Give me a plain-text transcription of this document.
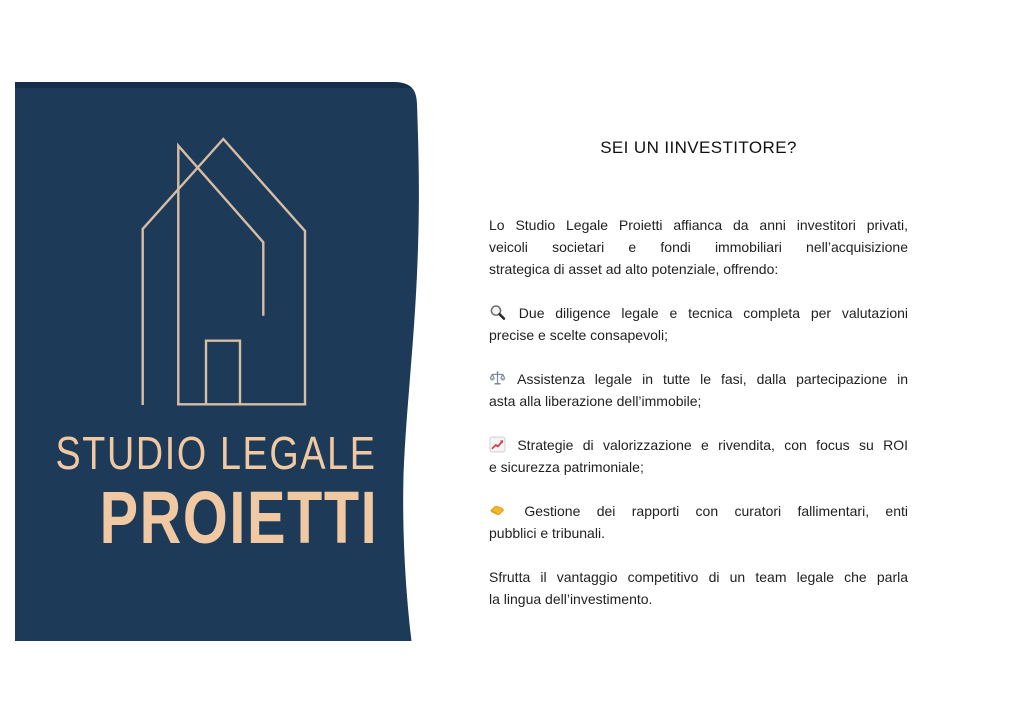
STUDIO LEGALE
PROIETTI
SEI UN IINVESTITORE?

Lo Studio Legale Proietti affianca da anni investitori privati,
veicoli societari e fondi immobiliari nell’acquisizione
strategica di asset ad alto potenziale, offrendo:

Due diligence legale e tecnica completa per valutazioni
precise e scelte consapevoli;

Assistenza legale in tutte le fasi, dalla partecipazione in
asta alla liberazione dell’immobile;

Strategie di valorizzazione e rivendita, con focus su ROI
e sicurezza patrimoniale;

Gestione dei rapporti con curatori fallimentari, enti
pubblici e tribunali.

Sfrutta il vantaggio competitivo di un team legale che parla
la lingua dell’investimento.
